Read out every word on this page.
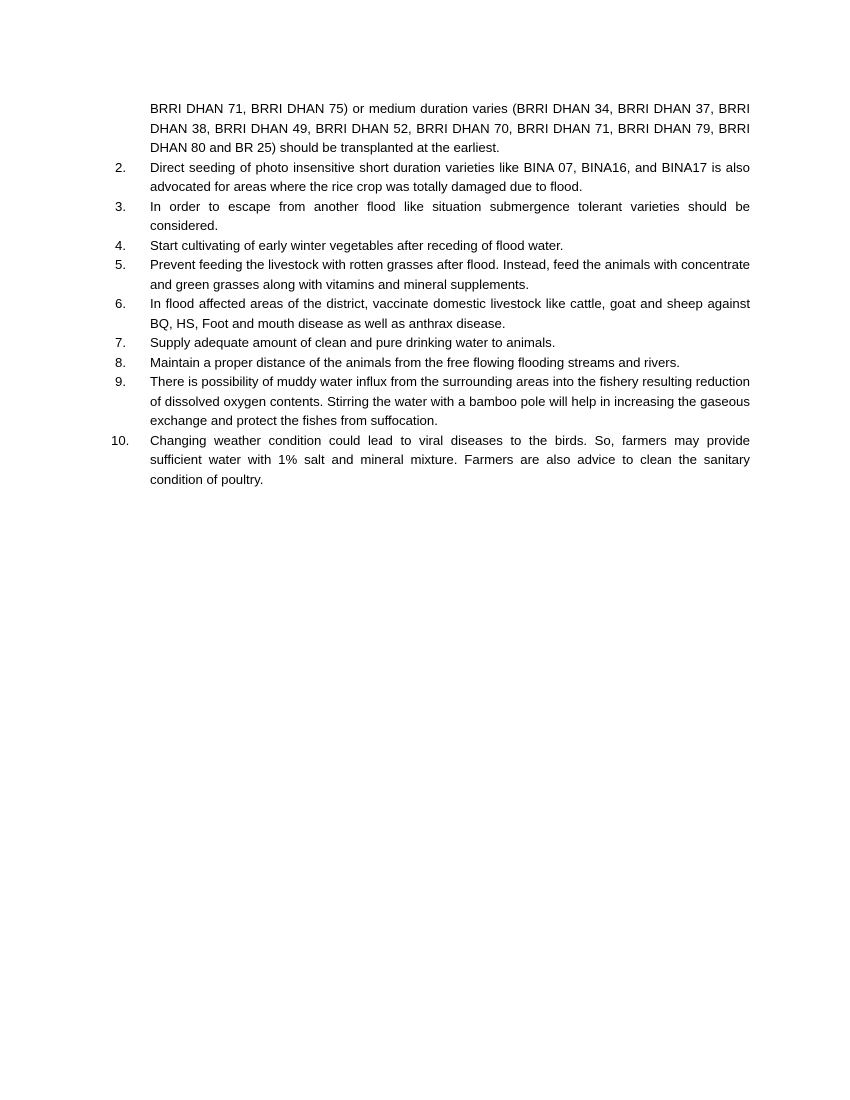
BRRI DHAN 71, BRRI DHAN 75) or medium duration varies (BRRI DHAN 34, BRRI DHAN 37, BRRI DHAN 38, BRRI DHAN 49, BRRI DHAN 52, BRRI DHAN 70, BRRI DHAN 71, BRRI DHAN 79, BRRI DHAN 80 and BR 25) should be transplanted at the earliest.

2.	Direct seeding of photo insensitive short duration varieties like BINA 07, BINA16, and BINA17 is also advocated for areas where the rice crop was totally damaged due to flood.
3.	In order to escape from another flood like situation submergence tolerant varieties should be considered.
4.	Start cultivating of early winter vegetables after receding of flood water.
5.	Prevent feeding the livestock with rotten grasses after flood. Instead, feed the animals with concentrate and green grasses along with vitamins and mineral supplements.
6.	In flood affected areas of the district, vaccinate domestic livestock like cattle, goat and sheep against BQ, HS, Foot and mouth disease as well as anthrax disease.
7.	Supply adequate amount of clean and pure drinking water to animals.
8.	Maintain a proper distance of the animals from the free flowing flooding streams and rivers.
9.	There is possibility of muddy water influx from the surrounding areas into the fishery resulting reduction of dissolved oxygen contents. Stirring the water with a bamboo pole will help in increasing the gaseous exchange and protect the fishes from suffocation.
10.	Changing weather condition could lead to viral diseases to the birds. So, farmers may provide sufficient water with 1% salt and mineral mixture. Farmers are also advice to clean the sanitary condition of poultry.
